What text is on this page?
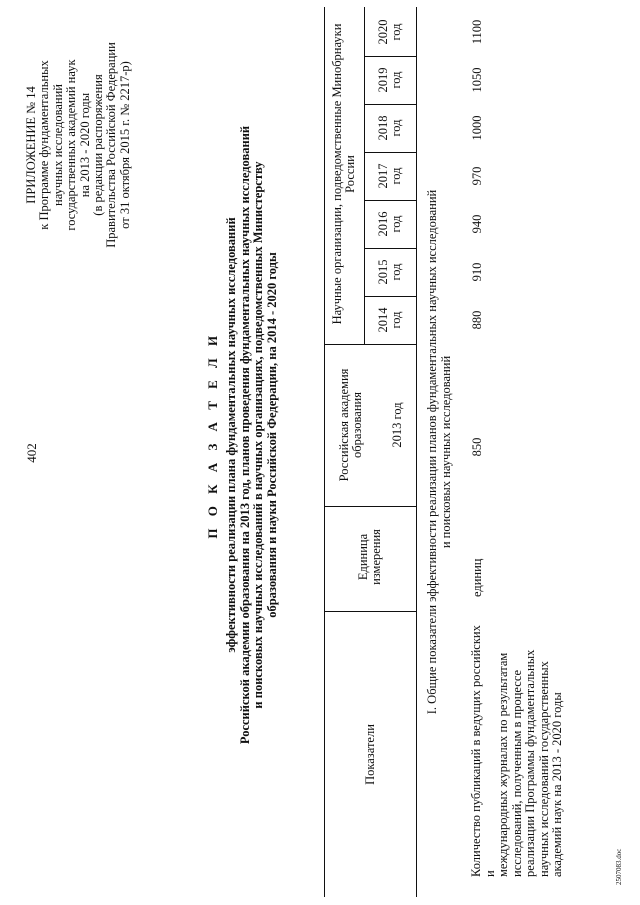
402
ПРИЛОЖЕНИЕ № 14 к Программе фундаментальных научных исследований государственных академий наук на 2013 - 2020 годы (в редакции распоряжения Правительства Российской Федерации от 31 октября 2015 г. № 2217-р)
П О К А З А Т Е Л И эффективности реализации плана фундаментальных научных исследований Российской академии образования на 2013 год, планов проведения фундаментальных научных исследований и поисковых научных исследований в научных организациях, подведомственных Министерству образования и науки Российской Федерации, на 2014 - 2020 годы
Показатели
Единица измерения
Российская академия образования	2013 год
Научные организации, подведомственные Минобрнауки России
2014 год
2015 год
2016 год
2017 год
2018 год
2019 год
2020 год
I. Общие показатели эффективности реализации планов фундаментальных научных исследований и поисковых научных исследований
Количество публикаций в ведущих российских и международных журналах по результатам исследований, полученным в процессе реализации Программы фундаментальных научных исследований государственных академий наук на 2013 - 2020 годы
единиц
850
880
910
940
970
1000
1050
1100
2507083.doc
